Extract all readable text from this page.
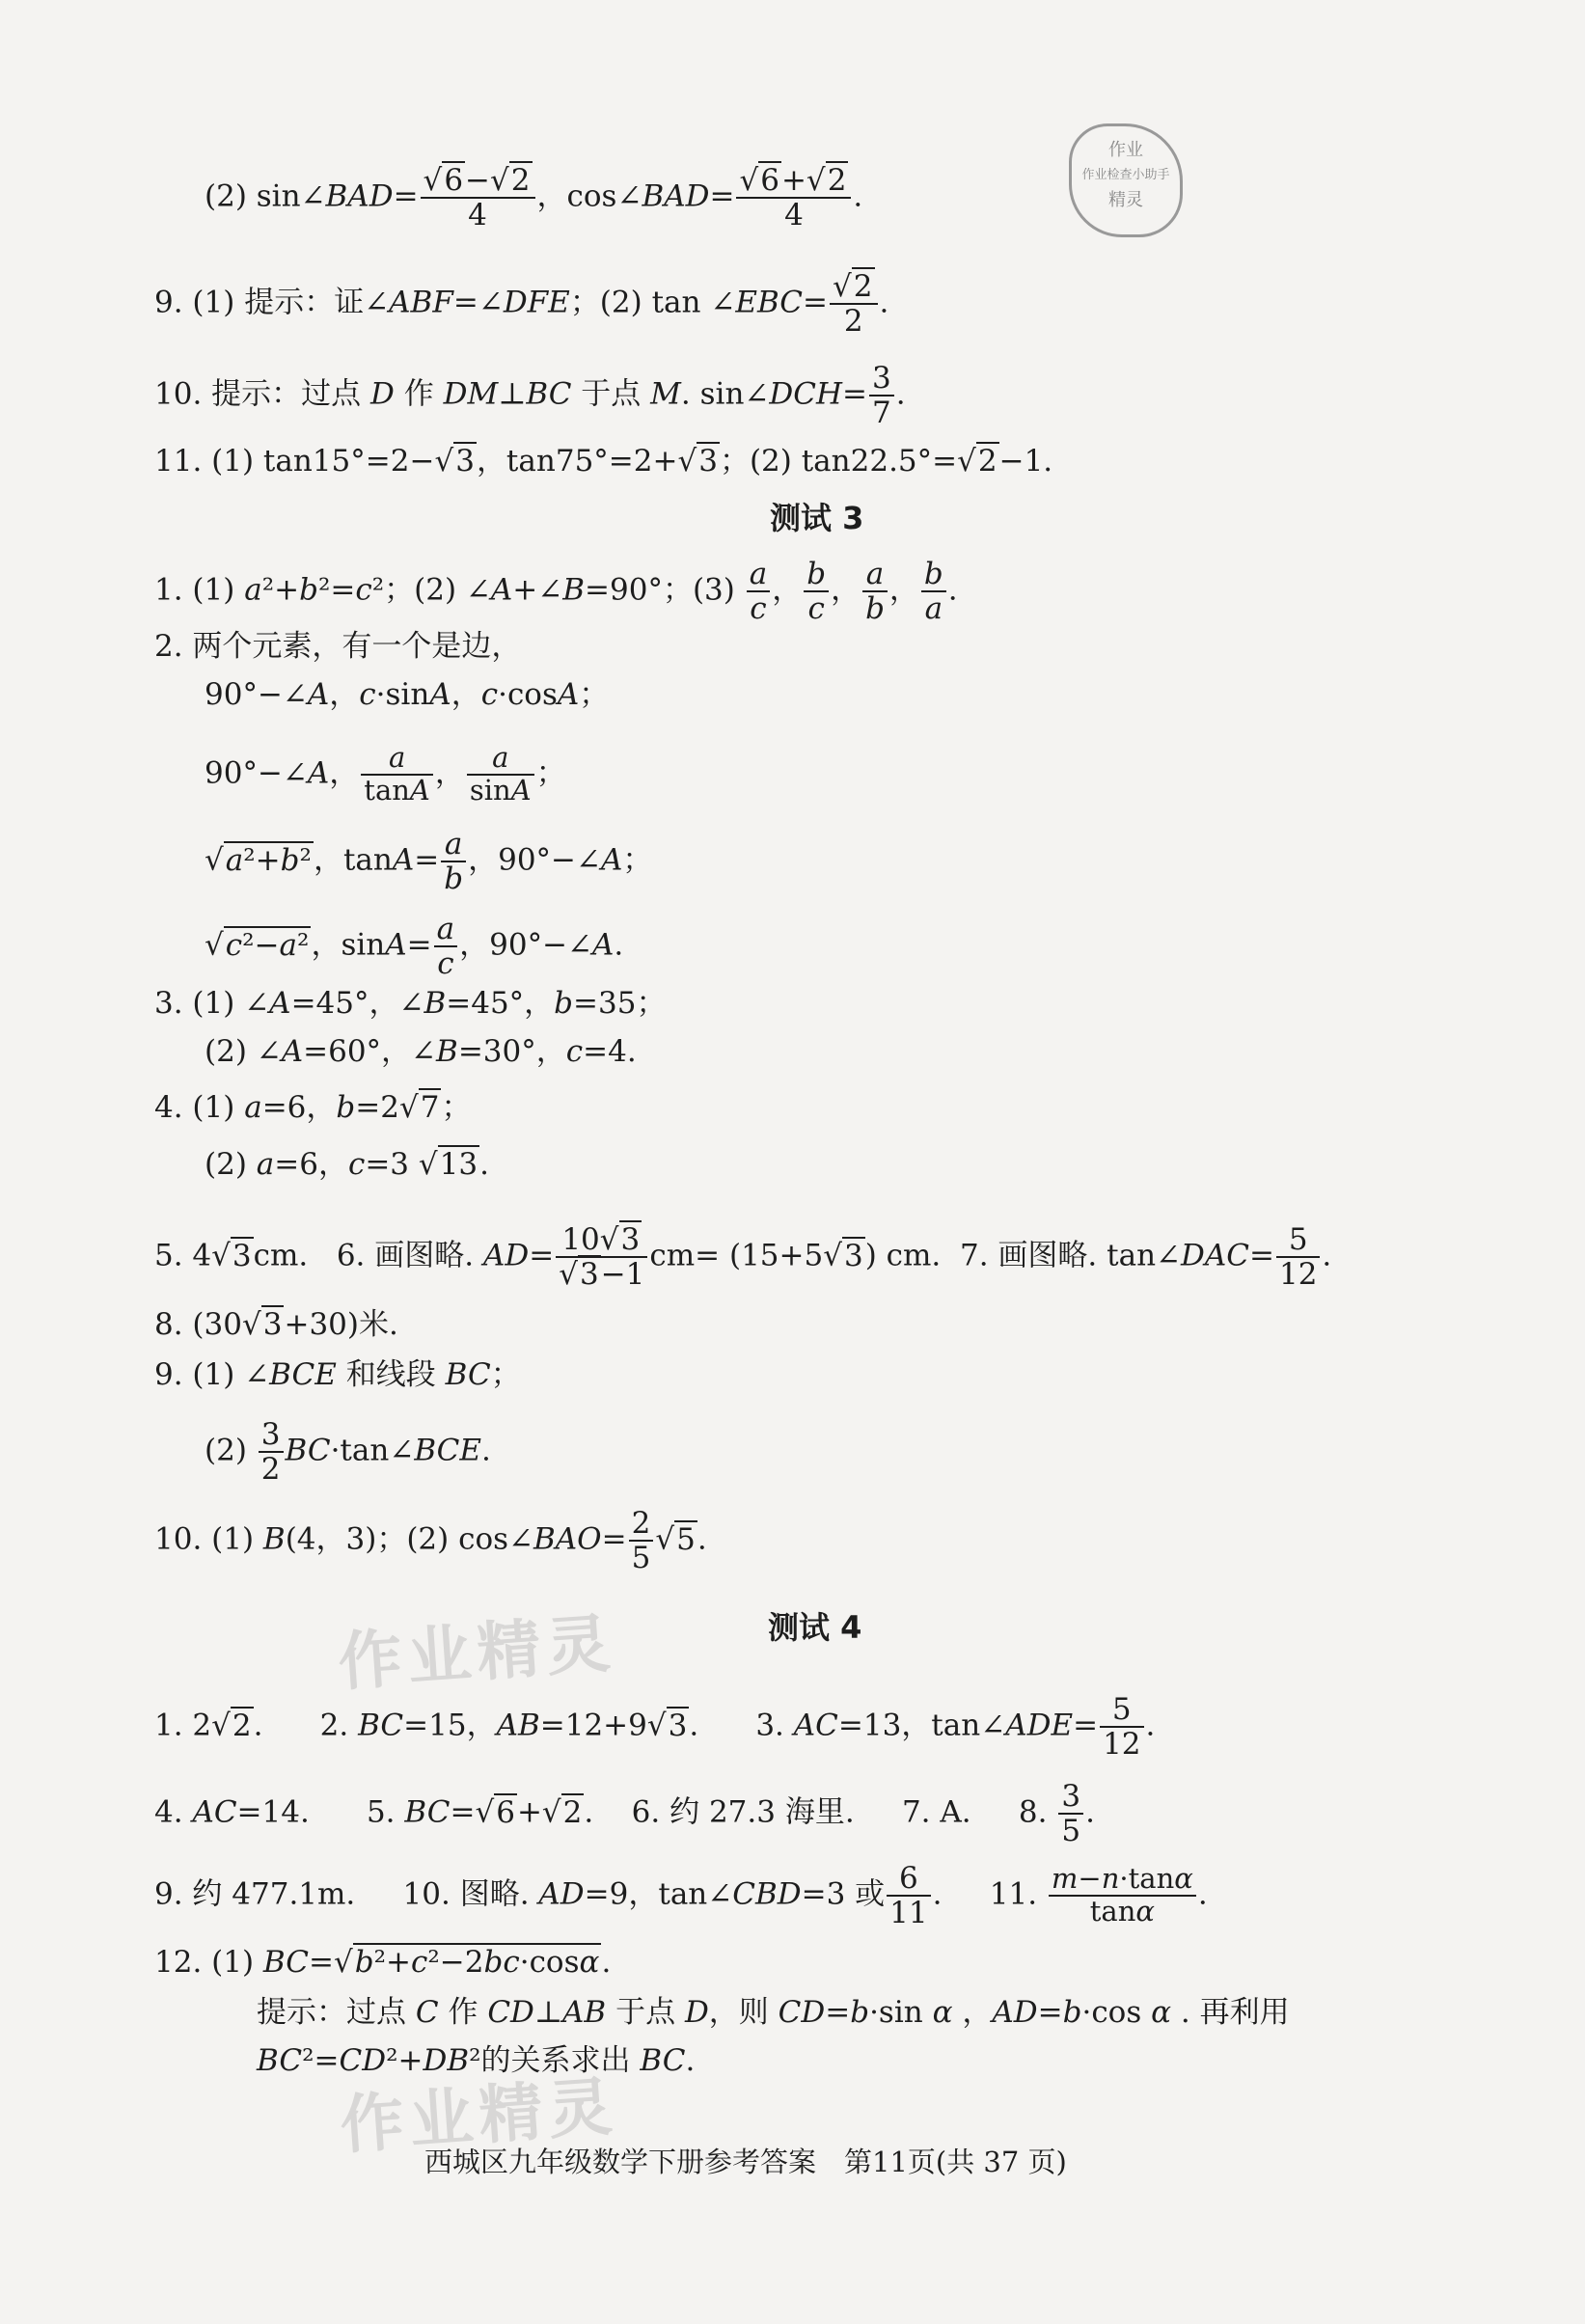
作业
作业检查小助手
精灵
作业精灵
作业精灵
(2) sin∠BAD= $\frac{√6-√2}{4}$ ，cos∠BAD= $\frac{√6+√2}{4}$ .
9. (1) 提示：证∠ABF=∠DFE；(2) tan ∠EBC= $\frac{√2}{2}$ .
10. 提示：过点 D 作 DM⊥BC 于点 M. sin∠DCH= $\frac{3}{7}$ .
11. (1) tan15°=2−√3，tan75°=2+√3；(2) tan22.5°=√2−1.
测试 3
1. (1) a²+b²=c²；(2) ∠A+∠B=90°；$(3) \frac{a}{c}$ ， $\frac{b}{c}$ ， $\frac{a}{b}$ ， $\frac{b}{a}$ .
2. 两个元素，有一个是边，
90°−∠A，c·sinA，c·cosA；
90°−∠A， $\frac{a}{\tan A}$ ， $\frac{a}{\sin A}$ ；
√a²+b²，$\tan A= \frac{a}{b}$ ，90°−∠A；
√c²−a²，$\sin A= \frac{a}{c}$ ，90°−∠A.
3. (1) ∠A=45°，∠B=45°，b=35；
(2) ∠A=60°，∠B=30°，c=4.
4. (1) a=6，b=2√7；
(2) a=6，c=3 √13.
5. 4√3cm.   6. 画图略. $AD= \frac{10√3}{√3-1} cm= (15+5√3)$ cm.  7. 画图略. tan∠DAC= $\frac{5}{12}$ .
8. (30√3+30)米.
9. (1) ∠BCE 和线段 BC；
$(2) \frac{3}{2}$ BC·tan∠BCE.
10. (1) B(4，3)；(2) cos∠BAO= $\frac{2}{5} √5$.
测试 4
1. 2√2.      2. BC=15，AB=12+9√3.      3. AC=13，tan∠ADE= $\frac{5}{12}$ .
4. AC=14.      5. BC=√6+√2.    6. 约 27.3 海里.     7. A.     8. $\frac{3}{5}$ .
9. 约 477.1m.     10. 图略. AD=9，tan∠CBD=3 或 $\frac{6}{11}$ .     11. $\frac{m-n\cdot\tan\alpha}{\tan\alpha}$ .
12. (1) BC=√b²+c²−2bc·cosα.
提示：过点 C 作 CD⊥AB 于点 D，则 CD=b·sin α ，AD=b·cos α . 再利用
BC²=CD²+DB²的关系求出 BC.
西城区九年级数学下册参考答案　第11页(共 37 页)
